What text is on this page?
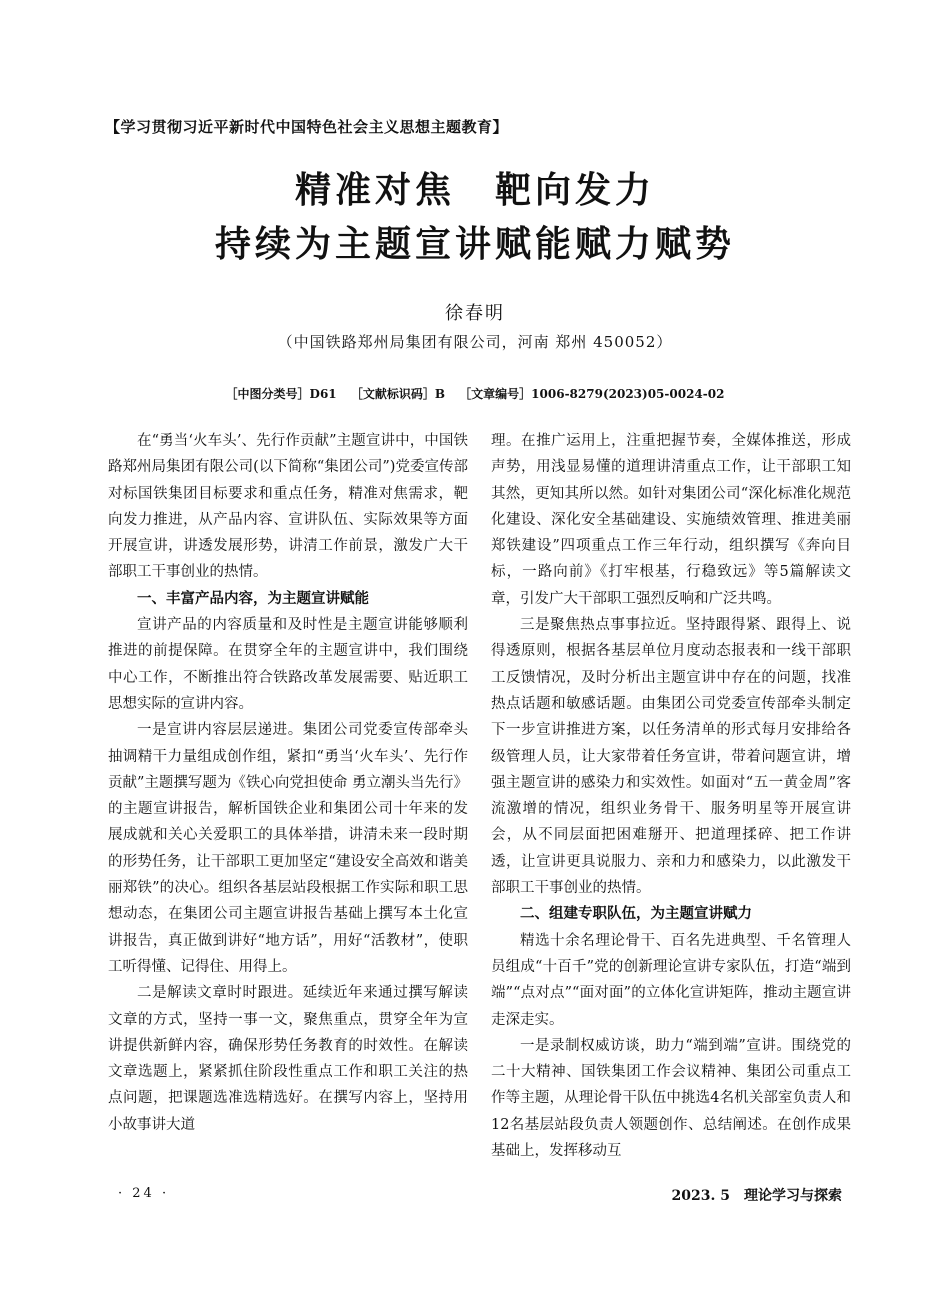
【学习贯彻习近平新时代中国特色社会主义思想主题教育】
精准对焦　靶向发力
持续为主题宣讲赋能赋力赋势
徐春明
（中国铁路郑州局集团有限公司，河南 郑州 450052）
［中图分类号］D61 ［文献标识码］B ［文章编号］1006-8279(2023)05-0024-02

在“勇当‘火车头’、先行作贡献”主题宣讲中，中国铁路郑州局集团有限公司(以下简称“集团公司”)党委宣传部对标国铁集团目标要求和重点任务，精准对焦需求，靶向发力推进，从产品内容、宣讲队伍、实际效果等方面开展宣讲，讲透发展形势，讲清工作前景，激发广大干部职工干事创业的热情。

一、丰富产品内容，为主题宣讲赋能

宣讲产品的内容质量和及时性是主题宣讲能够顺利推进的前提保障。在贯穿全年的主题宣讲中，我们围绕中心工作，不断推出符合铁路改革发展需要、贴近职工思想实际的宣讲内容。

一是宣讲内容层层递进。集团公司党委宣传部牵头抽调精干力量组成创作组，紧扣“勇当‘火车头’、先行作贡献”主题撰写题为《铁心向党担使命 勇立潮头当先行》的主题宣讲报告，解析国铁企业和集团公司十年来的发展成就和关心关爱职工的具体举措，讲清未来一段时期的形势任务，让干部职工更加坚定“建设安全高效和谐美丽郑铁”的决心。组织各基层站段根据工作实际和职工思想动态，在集团公司主题宣讲报告基础上撰写本土化宣讲报告，真正做到讲好“地方话”，用好“活教材”，使职工听得懂、记得住、用得上。

二是解读文章时时跟进。延续近年来通过撰写解读文章的方式，坚持一事一文，聚焦重点，贯穿全年为宣讲提供新鲜内容，确保形势任务教育的时效性。在解读文章选题上，紧紧抓住阶段性重点工作和职工关注的热点问题，把课题选准选精选好。在撰写内容上，坚持用小故事讲大道

理。在推广运用上，注重把握节奏，全媒体推送，形成声势，用浅显易懂的道理讲清重点工作，让干部职工知其然，更知其所以然。如针对集团公司“深化标准化规范化建设、深化安全基础建设、实施绩效管理、推进美丽郑铁建设”四项重点工作三年行动，组织撰写《奔向目标，一路向前》《打牢根基，行稳致远》等5篇解读文章，引发广大干部职工强烈反响和广泛共鸣。

三是聚焦热点事事拉近。坚持跟得紧、跟得上、说得透原则，根据各基层单位月度动态报表和一线干部职工反馈情况，及时分析出主题宣讲中存在的问题，找准热点话题和敏感话题。由集团公司党委宣传部牵头制定下一步宣讲推进方案，以任务清单的形式每月安排给各级管理人员，让大家带着任务宣讲，带着问题宣讲，增强主题宣讲的感染力和实效性。如面对“五一黄金周”客流激增的情况，组织业务骨干、服务明星等开展宣讲会，从不同层面把困难掰开、把道理揉碎、把工作讲透，让宣讲更具说服力、亲和力和感染力，以此激发干部职工干事创业的热情。

二、组建专职队伍，为主题宣讲赋力

精选十余名理论骨干、百名先进典型、千名管理人员组成“十百千”党的创新理论宣讲专家队伍，打造“端到端”“点对点”“面对面”的立体化宣讲矩阵，推动主题宣讲走深走实。

一是录制权威访谈，助力“端到端”宣讲。围绕党的二十大精神、国铁集团工作会议精神、集团公司重点工作等主题，从理论骨干队伍中挑选4名机关部室负责人和12名基层站段负责人领题创作、总结阐述。在创作成果基础上，发挥移动互

· 24 ·	2023. 5　理论学习与探索
